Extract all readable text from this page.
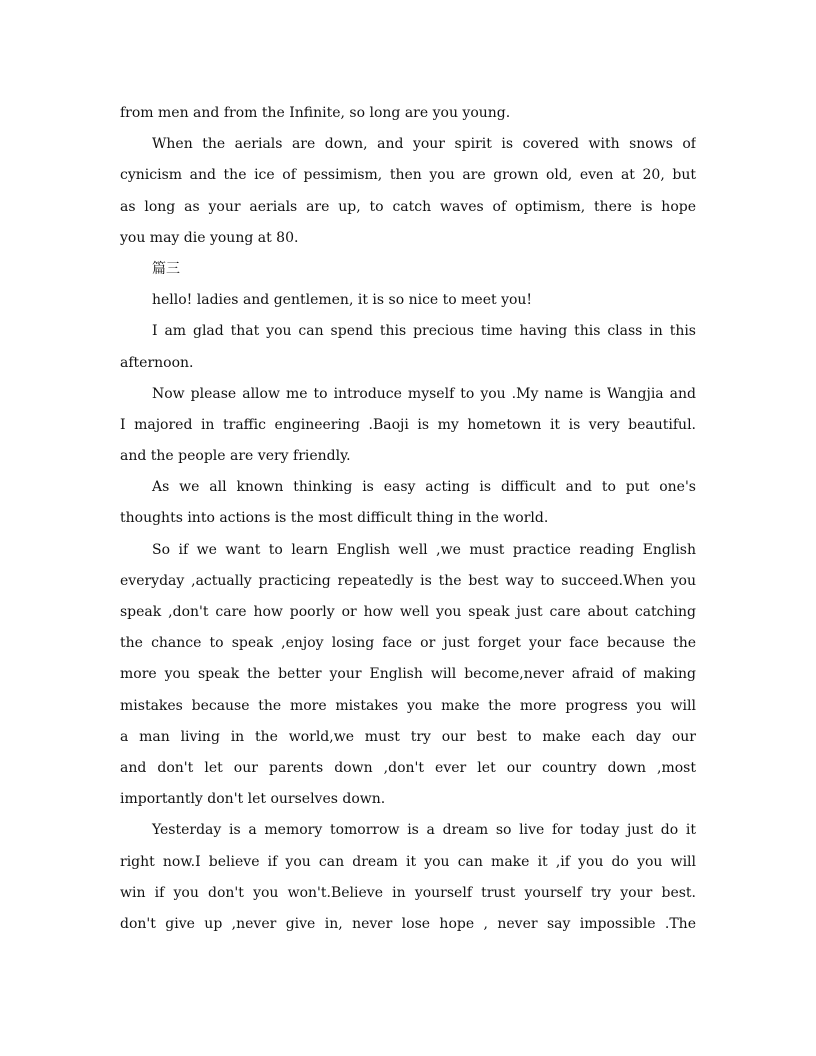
from men and from the Infinite, so long are you young.
When the aerials are down, and your spirit is covered with snows of
cynicism and the ice of pessimism, then you are grown old, even at 20, but
as long as your aerials are up, to catch waves of optimism, there is hope
you may die young at 80.
篇三
hello! ladies and gentlemen, it is so nice to meet you!
I am glad that you can spend this precious time having this class in this
afternoon.
Now please allow me to introduce myself to you .My name is Wangjia and
I majored in traffic engineering .Baoji is my hometown it is very beautiful.
and the people are very friendly.
As we all known thinking is easy acting is difficult and to put one's
thoughts into actions is the most difficult thing in the world.
So if we want to learn English well ,we must practice reading English
everyday ,actually practicing repeatedly is the best way to succeed.When you
speak ,don't care how poorly or how well you speak just care about catching
the chance to speak ,enjoy losing face or just forget your face because the
more you speak the better your English will become,never afraid of making
mistakes because the more mistakes you make the more progress you will
a man living in the world,we must try our best to make each day our
and don't let our parents down ,don't ever let our country down ,most
importantly don't let ourselves down.
Yesterday is a memory tomorrow is a dream so live for today just do it
right now.I believe if you can dream it you can make it ,if you do you will
win if you don't you won't.Believe in yourself trust yourself try your best.
don't give up ,never give in, never lose hope , never say impossible .The
